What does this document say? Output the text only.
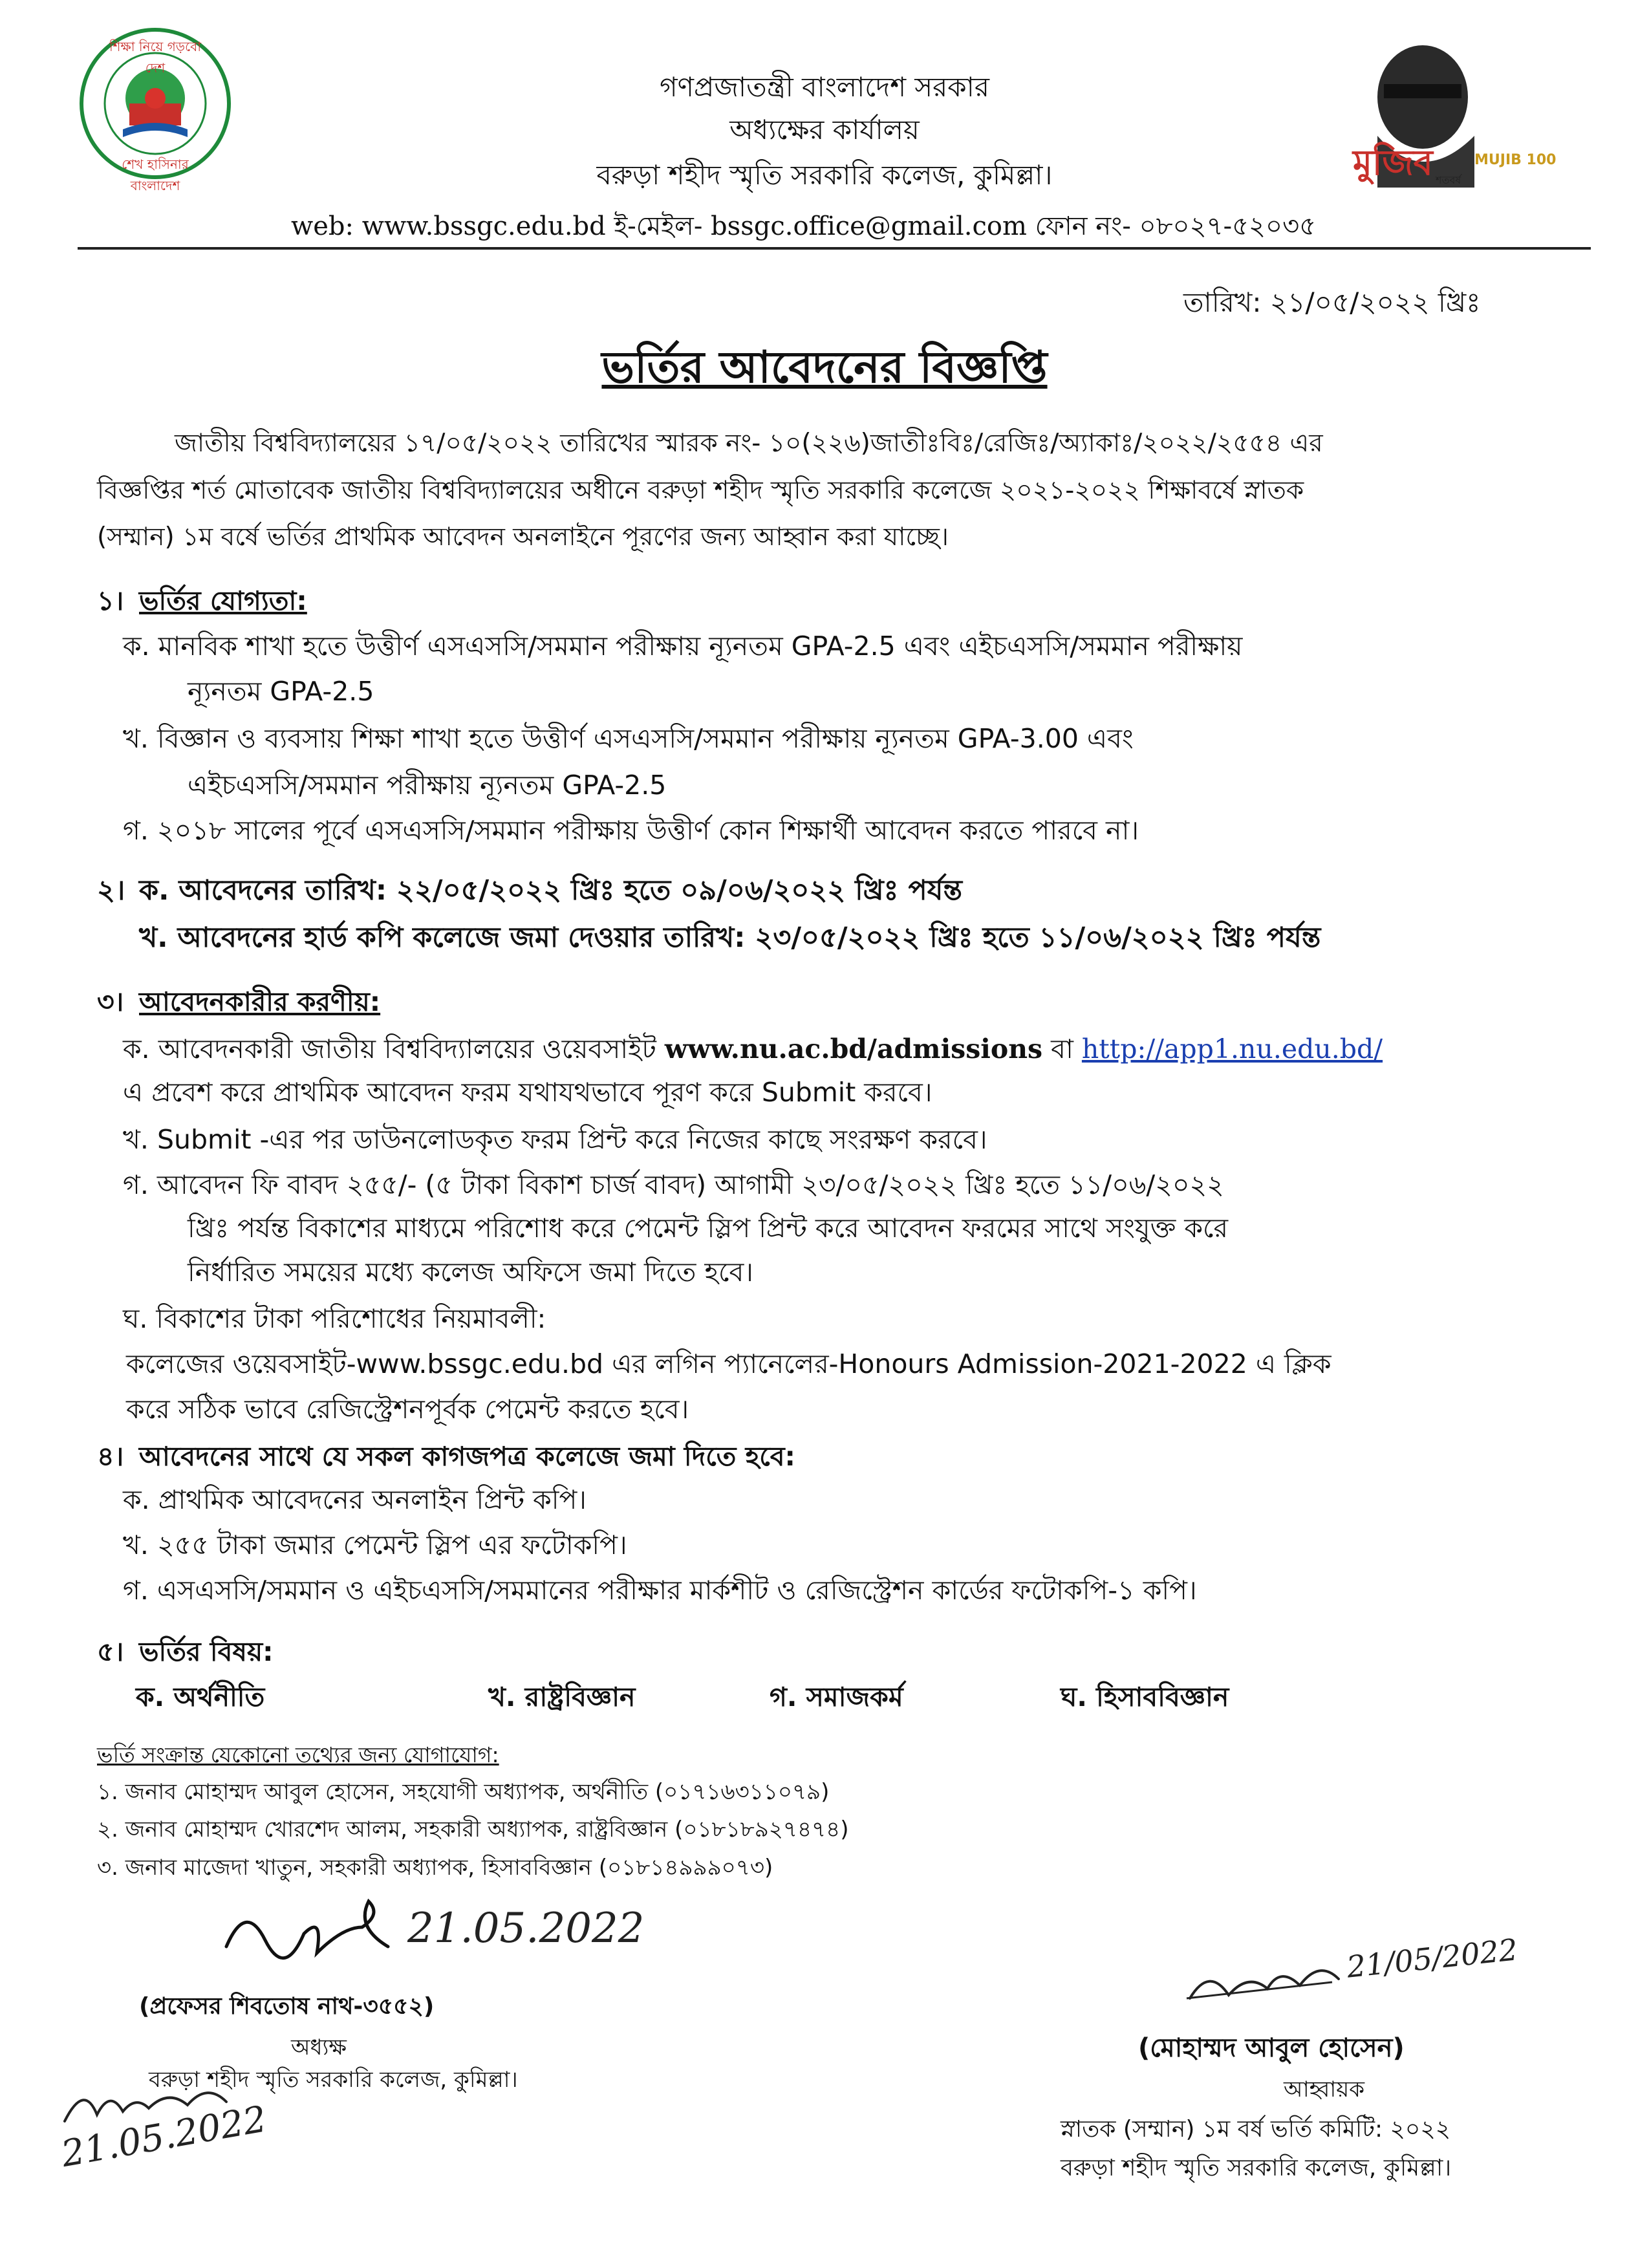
শিক্ষা নিয়ে গড়বো দেশ
শেখ হাসিনার বাংলাদেশ
মুজিব শতবর্ষ
MUJIB 100
গণপ্রজাতন্ত্রী বাংলাদেশ সরকার
অধ্যক্ষের কার্যালয়
বরুড়া শহীদ স্মৃতি সরকারি কলেজ, কুমিল্লা।
web: www.bssgc.edu.bd ই-মেইল- bssgc.office@gmail.com ফোন নং- ০৮০২৭-৫২০৩৫
তারিখ: ২১/০৫/২০২২ খ্রিঃ
ভর্তির আবেদনের বিজ্ঞপ্তি
জাতীয় বিশ্ববিদ্যালয়ের ১৭/০৫/২০২২ তারিখের স্মারক নং- ১০(২২৬)জাতীঃবিঃ/রেজিঃ/অ্যাকাঃ/২০২২/২৫৫৪ এর
বিজ্ঞপ্তির শর্ত মোতাবেক জাতীয় বিশ্ববিদ্যালয়ের অধীনে বরুড়া শহীদ স্মৃতি সরকারি কলেজে ২০২১-২০২২ শিক্ষাবর্ষে স্নাতক
(সম্মান) ১ম বর্ষে ভর্তির প্রাথমিক আবেদন অনলাইনে পূরণের জন্য আহ্বান করা যাচ্ছে।
১। ভর্তির যোগ্যতা:
ক. মানবিক শাখা হতে উত্তীর্ণ এসএসসি/সমমান পরীক্ষায় ন্যূনতম GPA-2.5 এবং এইচএসসি/সমমান পরীক্ষায়
ন্যূনতম GPA-2.5
খ. বিজ্ঞান ও ব্যবসায় শিক্ষা শাখা হতে উত্তীর্ণ এসএসসি/সমমান পরীক্ষায় ন্যূনতম GPA-3.00 এবং
এইচএসসি/সমমান পরীক্ষায় ন্যূনতম GPA-2.5
গ. ২০১৮ সালের পূর্বে এসএসসি/সমমান পরীক্ষায় উত্তীর্ণ কোন শিক্ষার্থী আবেদন করতে পারবে না।
২। ক. আবেদনের তারিখ: ২২/০৫/২০২২ খ্রিঃ হতে ০৯/০৬/২০২২ খ্রিঃ পর্যন্ত
খ. আবেদনের হার্ড কপি কলেজে জমা দেওয়ার তারিখ: ২৩/০৫/২০২২ খ্রিঃ হতে ১১/০৬/২০২২ খ্রিঃ পর্যন্ত
৩। আবেদনকারীর করণীয়:
ক. আবেদনকারী জাতীয় বিশ্ববিদ্যালয়ের ওয়েবসাইট www.nu.ac.bd/admissions বা http://app1.nu.edu.bd/
এ প্রবেশ করে প্রাথমিক আবেদন ফরম যথাযথভাবে পূরণ করে Submit করবে।
খ. Submit -এর পর ডাউনলোডকৃত ফরম প্রিন্ট করে নিজের কাছে সংরক্ষণ করবে।
গ. আবেদন ফি বাবদ ২৫৫/- (৫ টাকা বিকাশ চার্জ বাবদ) আগামী ২৩/০৫/২০২২ খ্রিঃ হতে ১১/০৬/২০২২
খ্রিঃ পর্যন্ত বিকাশের মাধ্যমে পরিশোধ করে পেমেন্ট স্লিপ প্রিন্ট করে আবেদন ফরমের সাথে সংযুক্ত করে
নির্ধারিত সময়ের মধ্যে কলেজ অফিসে জমা দিতে হবে।
ঘ. বিকাশের টাকা পরিশোধের নিয়মাবলী:
কলেজের ওয়েবসাইট-www.bssgc.edu.bd এর লগিন প্যানেলের-Honours Admission-2021-2022 এ ক্লিক
করে সঠিক ভাবে রেজিস্ট্রেশনপূর্বক পেমেন্ট করতে হবে।
৪। আবেদনের সাথে যে সকল কাগজপত্র কলেজে জমা দিতে হবে:
ক. প্রাথমিক আবেদনের অনলাইন প্রিন্ট কপি।
খ. ২৫৫ টাকা জমার পেমেন্ট স্লিপ এর ফটোকপি।
গ. এসএসসি/সমমান ও এইচএসসি/সমমানের পরীক্ষার মার্কশীট ও রেজিস্ট্রেশন কার্ডের ফটোকপি-১ কপি।
৫। ভর্তির বিষয়:
ক. অর্থনীতি	খ. রাষ্ট্রবিজ্ঞান	গ. সমাজকর্ম	ঘ. হিসাববিজ্ঞান
ভর্তি সংক্রান্ত যেকোনো তথ্যের জন্য যোগাযোগ:
১. জনাব মোহাম্মদ আবুল হোসেন, সহযোগী অধ্যাপক, অর্থনীতি (০১৭১৬৩১১০৭৯)
২. জনাব মোহাম্মদ খোরশেদ আলম, সহকারী অধ্যাপক, রাষ্ট্রবিজ্ঞান (০১৮১৮৯২৭৪৭৪)
৩. জনাব মাজেদা খাতুন, সহকারী অধ্যাপক, হিসাববিজ্ঞান (০১৮১৪৯৯৯০৭৩)
21.05.2022
(প্রফেসর শিবতোষ নাথ-৩৫৫২)
অধ্যক্ষ
বরুড়া শহীদ স্মৃতি সরকারি কলেজ, কুমিল্লা।
21.05.2022
21/05/2022
(মোহাম্মদ আবুল হোসেন)
আহ্বায়ক
স্নাতক (সম্মান) ১ম বর্ষ ভর্তি কমিটি: ২০২২
বরুড়া শহীদ স্মৃতি সরকারি কলেজ, কুমিল্লা।
